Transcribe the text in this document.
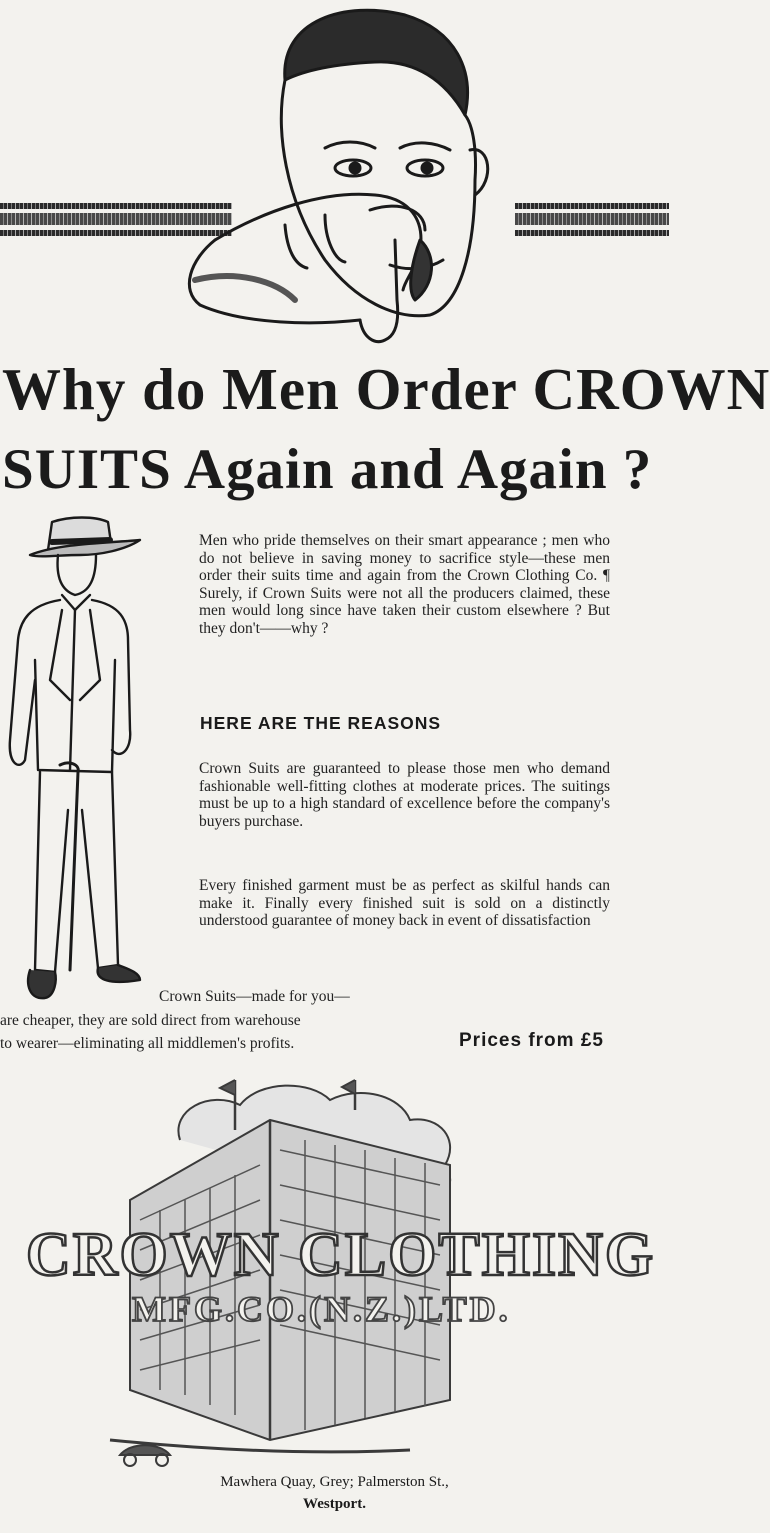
Why do Men Order CROWN
SUITS Again and Again ?
Men who pride themselves on their smart appearance ; men who do not believe in saving money to sacrifice style—these men order their suits time and again from the Crown Clothing Co. ¶ Surely, if Crown Suits were not all the producers claimed, these men would long since have taken their custom elsewhere ? But they don't——why ?
HERE ARE THE REASONS
Crown Suits are guaranteed to please those men who demand fashionable well-fitting clothes at moderate prices. The suitings must be up to a high standard of excellence before the company's buyers purchase.
Every finished garment must be as perfect as skilful hands can make it. Finally every finished suit is sold on a distinctly understood guarantee of money back in event of dissatisfaction
Crown Suits—made for you—
are cheaper, they are sold direct from warehouse
to wearer—eliminating all middlemen's profits.	Prices from £5
CROWN CLOTHING
MFG.CO.(N.Z.)LTD.
Mawhera Quay, Grey; Palmerston St.,
Westport.
